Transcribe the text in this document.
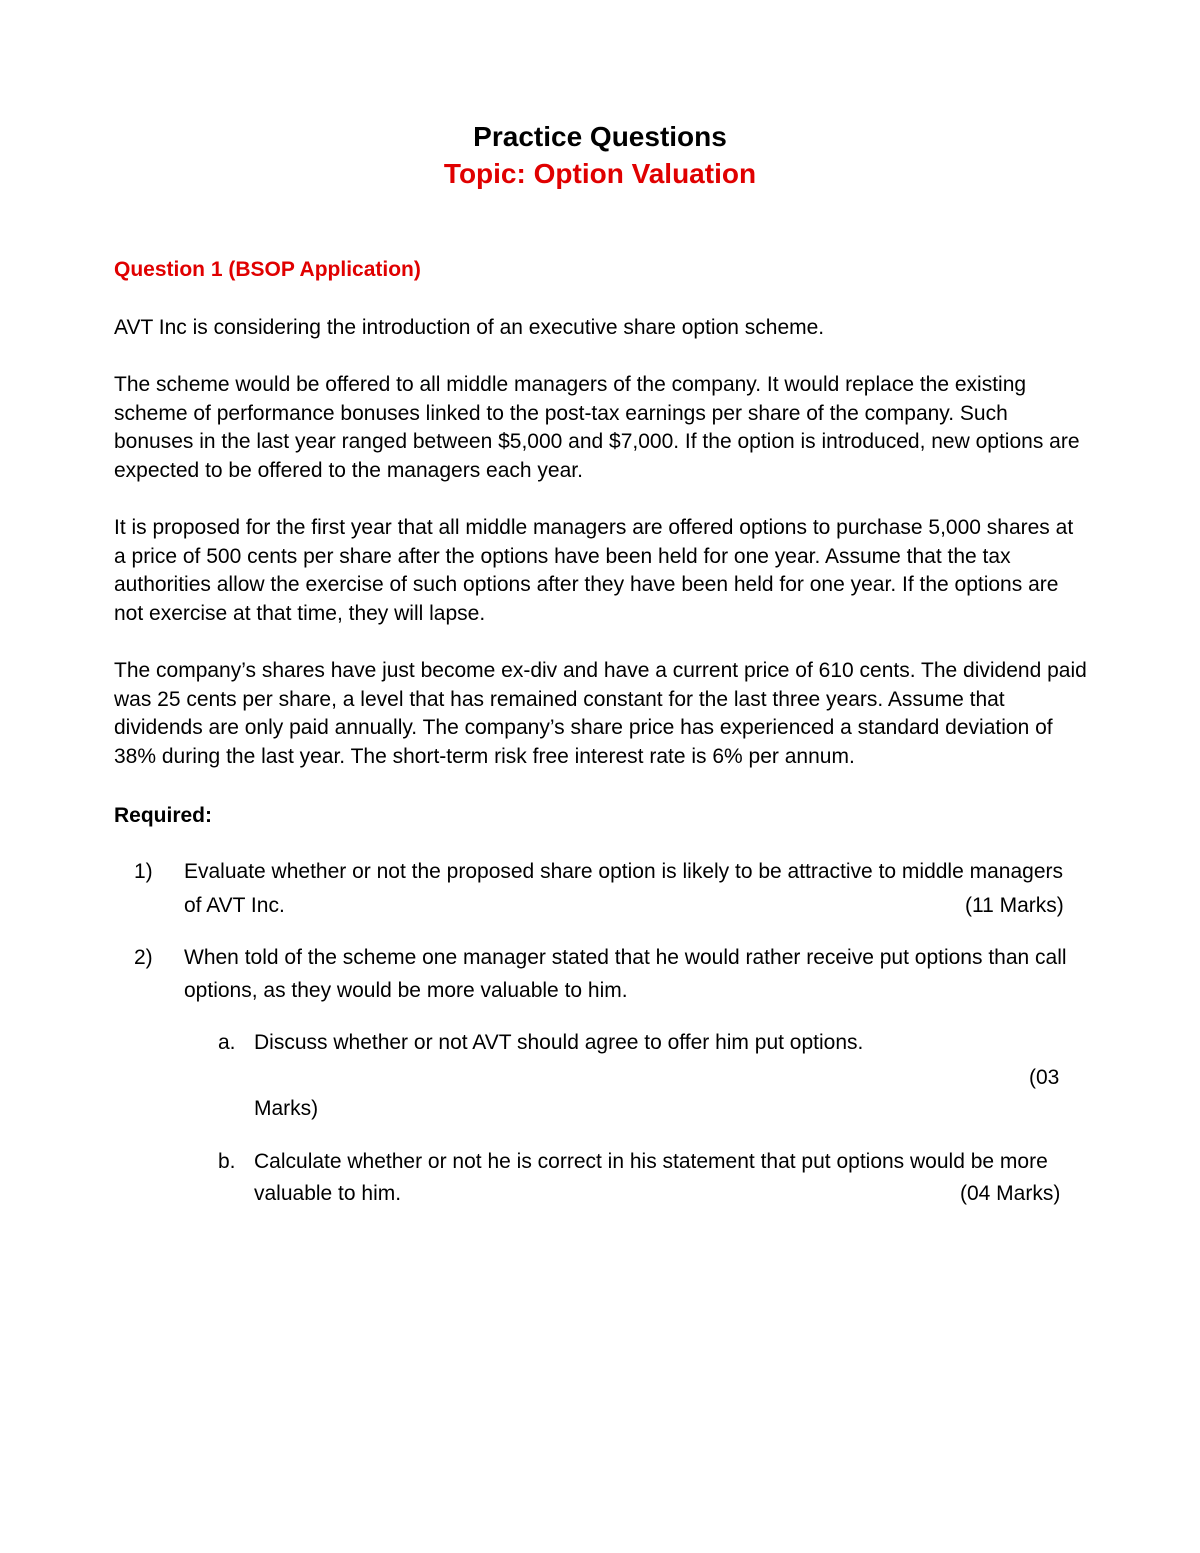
Practice Questions
Topic: Option Valuation
Question 1 (BSOP Application)
AVT Inc is considering the introduction of an executive share option scheme.
The scheme would be offered to all middle managers of the company. It would replace the existing
scheme of performance bonuses linked to the post-tax earnings per share of the company. Such
bonuses in the last year ranged between $5,000 and $7,000. If the option is introduced, new options are
expected to be offered to the managers each year.
It is proposed for the first year that all middle managers are offered options to purchase 5,000 shares at
a price of 500 cents per share after the options have been held for one year. Assume that the tax
authorities allow the exercise of such options after they have been held for one year. If the options are
not exercise at that time, they will lapse.
The company’s shares have just become ex-div and have a current price of 610 cents. The dividend paid
was 25 cents per share, a level that has remained constant for the last three years. Assume that
dividends are only paid annually. The company’s share price has experienced a standard deviation of
38% during the last year. The short-term risk free interest rate is 6% per annum.
Required:
1)	Evaluate whether or not the proposed share option is likely to be attractive to middle managers
of AVT Inc.	(11 Marks)
2)	When told of the scheme one manager stated that he would rather receive put options than call
options, as they would be more valuable to him.
a. Discuss whether or not AVT should agree to offer him put options.
(03
Marks)
b. Calculate whether or not he is correct in his statement that put options would be more
valuable to him.	(04 Marks)
